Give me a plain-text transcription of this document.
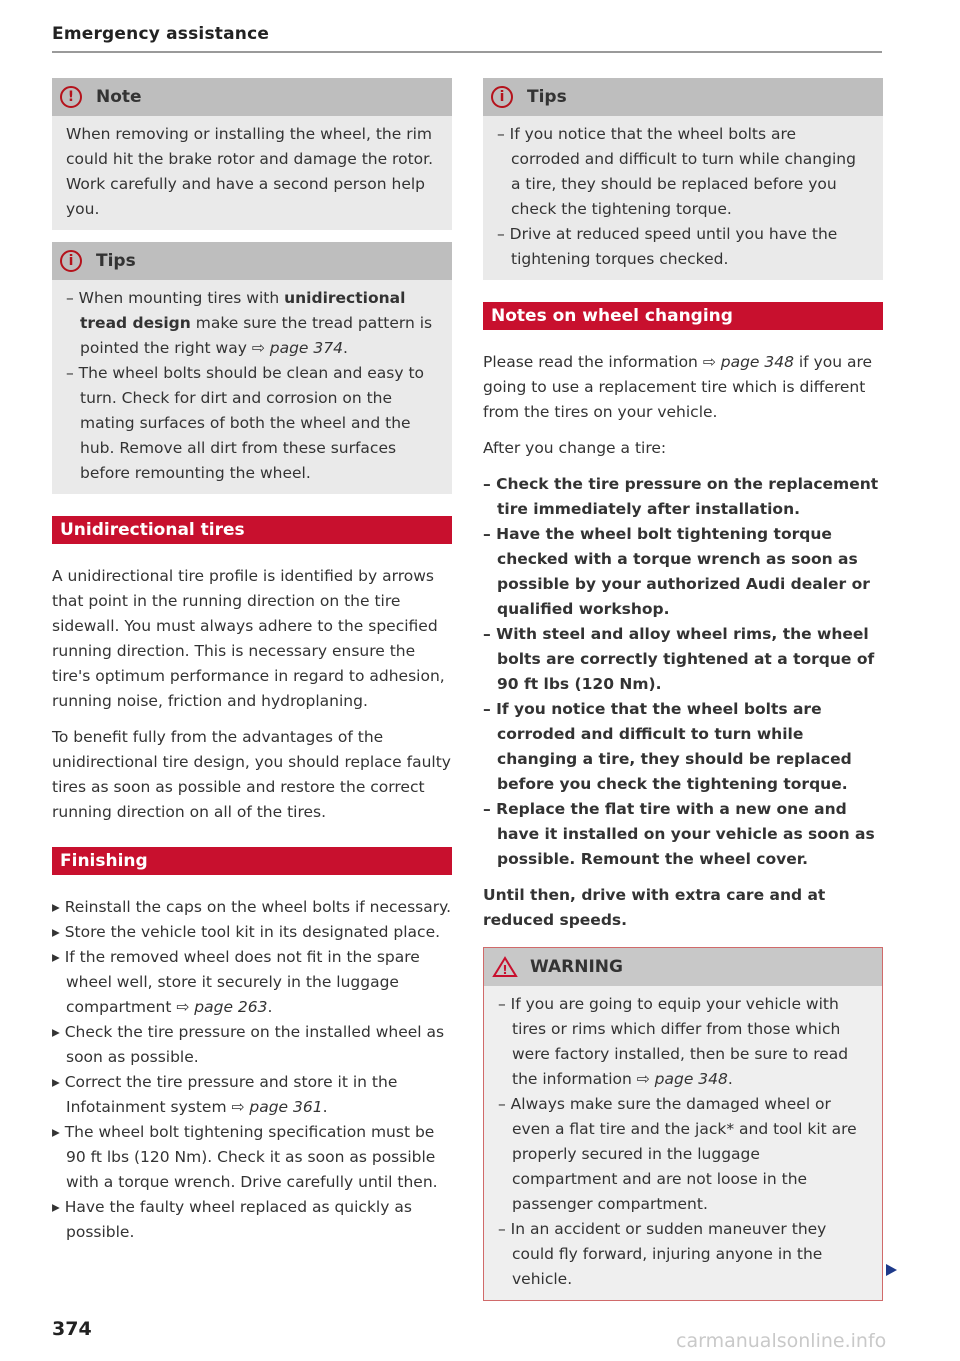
Emergency assistance
!	Note

When removing or installing the wheel, the rim could hit the brake rotor and damage the rotor. Work carefully and have a second person help you.

i	Tips

– When mounting tires with unidirectional tread design make sure the tread pattern is pointed the right way ⇨ page 374.

– The wheel bolts should be clean and easy to turn. Check for dirt and corrosion on the mating surfaces of both the wheel and the hub. Remove all dirt from these surfaces before remounting the wheel.

Unidirectional tires

A unidirectional tire profile is identified by arrows that point in the running direction on the tire sidewall. You must always adhere to the specified running direction. This is necessary ensure the tire's optimum performance in regard to adhesion, running noise, friction and hydroplaning.

To benefit fully from the advantages of the unidirectional tire design, you should replace faulty tires as soon as possible and restore the correct running direction on all of the tires.

Finishing

▸ Reinstall the caps on the wheel bolts if necessary.

▸ Store the vehicle tool kit in its designated place.

▸ If the removed wheel does not fit in the spare wheel well, store it securely in the luggage compartment ⇨ page 263.

▸ Check the tire pressure on the installed wheel as soon as possible.

▸ Correct the tire pressure and store it in the Infotainment system ⇨ page 361.

▸ The wheel bolt tightening specification must be 90 ft lbs (120 Nm). Check it as soon as possible with a torque wrench. Drive carefully until then.

▸ Have the faulty wheel replaced as quickly as possible.

i	Tips

– If you notice that the wheel bolts are corroded and difficult to turn while changing a tire, they should be replaced before you check the tightening torque.

– Drive at reduced speed until you have the tightening torques checked.

Notes on wheel changing

Please read the information ⇨ page 348 if you are going to use a replacement tire which is different from the tires on your vehicle.

After you change a tire:

– Check the tire pressure on the replacement tire immediately after installation.

– Have the wheel bolt tightening torque checked with a torque wrench as soon as possible by your authorized Audi dealer or qualified workshop.

– With steel and alloy wheel rims, the wheel bolts are correctly tightened at a torque of 90 ft lbs (120 Nm).

– If you notice that the wheel bolts are corroded and difficult to turn while changing a tire, they should be replaced before you check the tightening torque.

– Replace the flat tire with a new one and have it installed on your vehicle as soon as possible. Remount the wheel cover.

Until then, drive with extra care and at reduced speeds.

! WARNING

– If you are going to equip your vehicle with tires or rims which differ from those which were factory installed, then be sure to read the information ⇨ page 348.

– Always make sure the damaged wheel or even a flat tire and the jack* and tool kit are properly secured in the luggage compartment and are not loose in the passenger compartment.

– In an accident or sudden maneuver they could fly forward, injuring anyone in the vehicle.

374
carmanualsonline.info
